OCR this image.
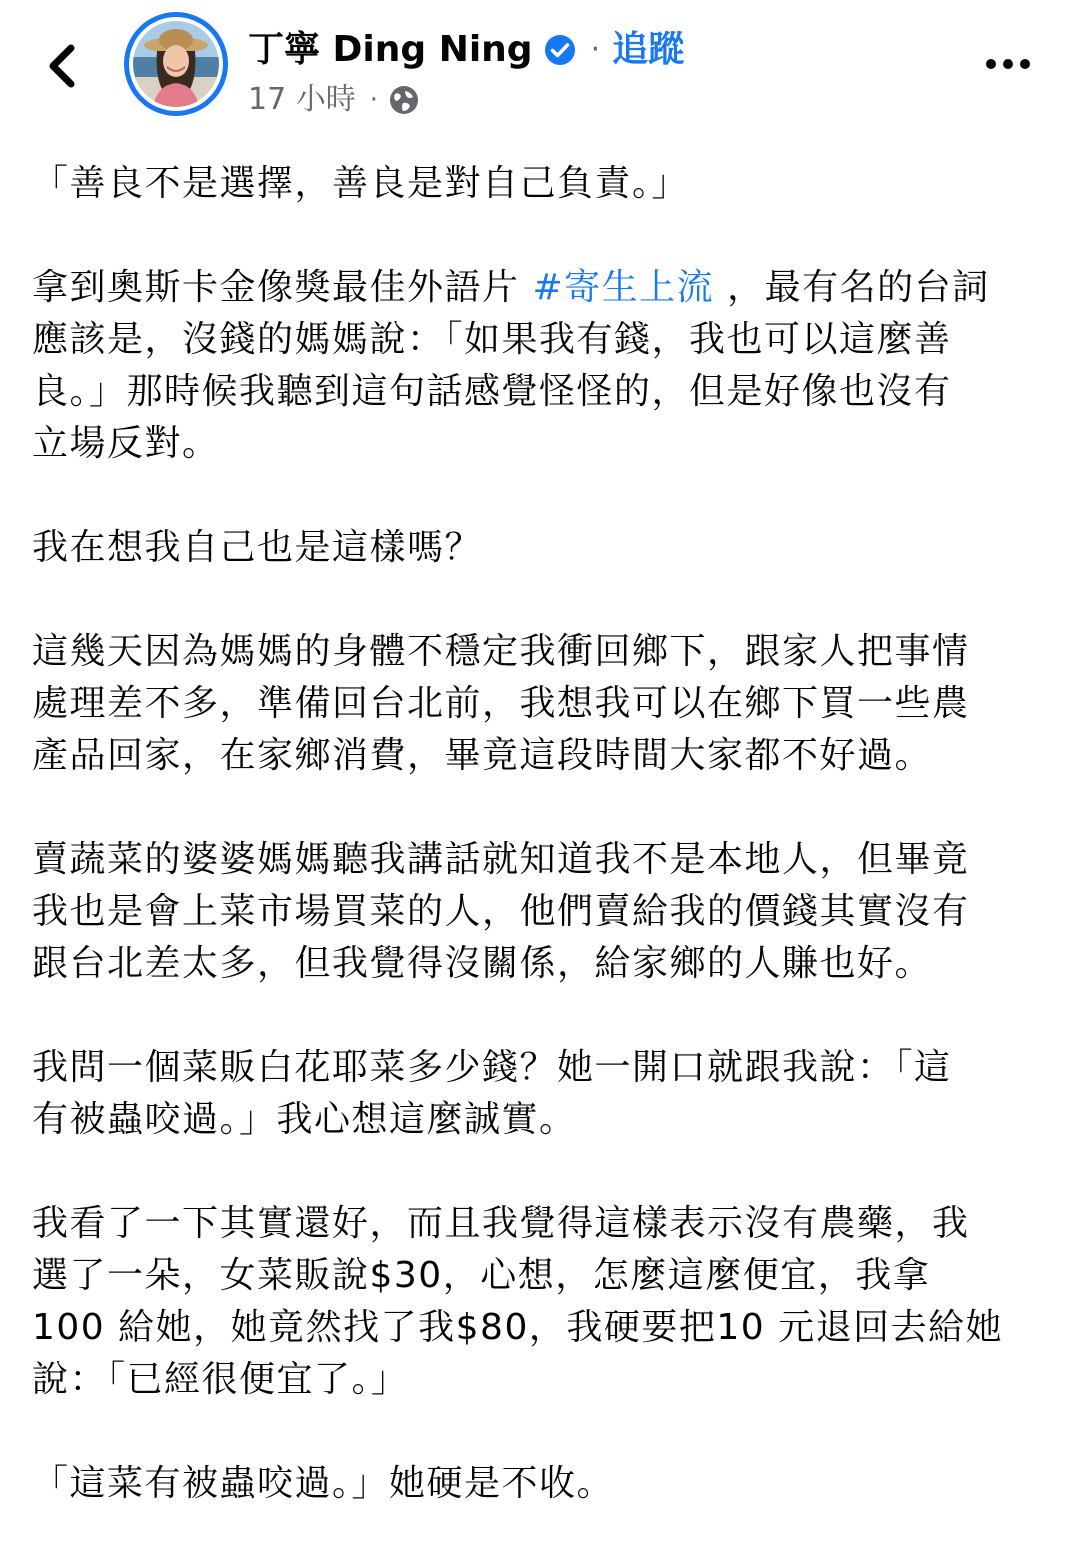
丁寧 Ding Ning · 追蹤
17 小時 ·

「善良不是選擇，善良是對自己負責。」

拿到奧斯卡金像獎最佳外語片 #寄生上流 ，最有名的台詞
應該是，沒錢的媽媽說：「如果我有錢，我也可以這麼善
良。」那時候我聽到這句話感覺怪怪的，但是好像也沒有
立場反對。

我在想我自己也是這樣嗎？

這幾天因為媽媽的身體不穩定我衝回鄉下，跟家人把事情
處理差不多，準備回台北前，我想我可以在鄉下買一些農
產品回家，在家鄉消費，畢竟這段時間大家都不好過。

賣蔬菜的婆婆媽媽聽我講話就知道我不是本地人，但畢竟
我也是會上菜市場買菜的人，他們賣給我的價錢其實沒有
跟台北差太多，但我覺得沒關係，給家鄉的人賺也好。

我問一個菜販白花耶菜多少錢？她一開口就跟我說：「這
有被蟲咬過。」我心想這麼誠實。

我看了一下其實還好，而且我覺得這樣表示沒有農藥，我
選了一朵，女菜販說$30，心想，怎麼這麼便宜，我拿
100 給她，她竟然找了我$80，我硬要把10 元退回去給她
說：「已經很便宜了。」

「這菜有被蟲咬過。」她硬是不收。
